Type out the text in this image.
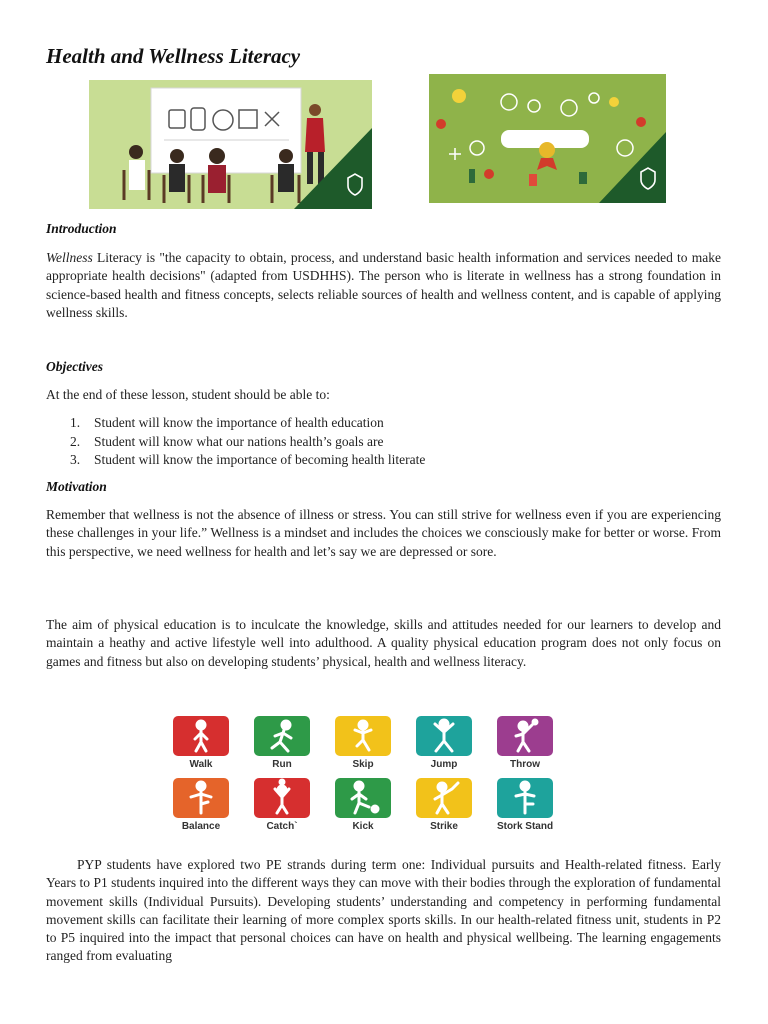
Health and Wellness Literacy
Introduction
Wellness Literacy is "the capacity to obtain, process, and understand basic health information and services needed to make appropriate health decisions" (adapted from USDHHS). The person who is literate in wellness has a strong foundation in science-based health and fitness concepts, selects reliable sources of health and wellness content, and is capable of applying wellness skills.
Objectives
At the end of these lesson, student should be able to:
1.	Student will know the importance of health education
2.	Student will know what our nations health’s goals are
3.	Student will know the importance of becoming health literate
Motivation
Remember that wellness is not the absence of illness or stress. You can still strive for wellness even if you are experiencing these challenges in your life.” Wellness is a mindset and includes the choices we consciously make for better or worse. From this perspective, we need wellness for health and let’s say we are depressed or sore.
The aim of physical education is to inculcate the knowledge, skills and attitudes needed for our learners to develop and maintain a heathy and active lifestyle well into adulthood. A quality physical education program does not only focus on games and fitness but also on developing students’ physical, health and wellness literacy.
Walk	Run	Skip	Jump	Throw
Balance	Catch`	Kick	Strike	Stork Stand
PYP students have explored two PE strands during term one: Individual pursuits and Health-related fitness. Early Years to P1 students inquired into the different ways they can move with their bodies through the exploration of fundamental movement skills (Individual Pursuits). Developing students’ understanding and competency in performing fundamental movement skills can facilitate their learning of more complex sports skills. In our health-related fitness unit, students in P2 to P5 inquired into the impact that personal choices can have on health and physical wellbeing. The learning engagements ranged from evaluating
